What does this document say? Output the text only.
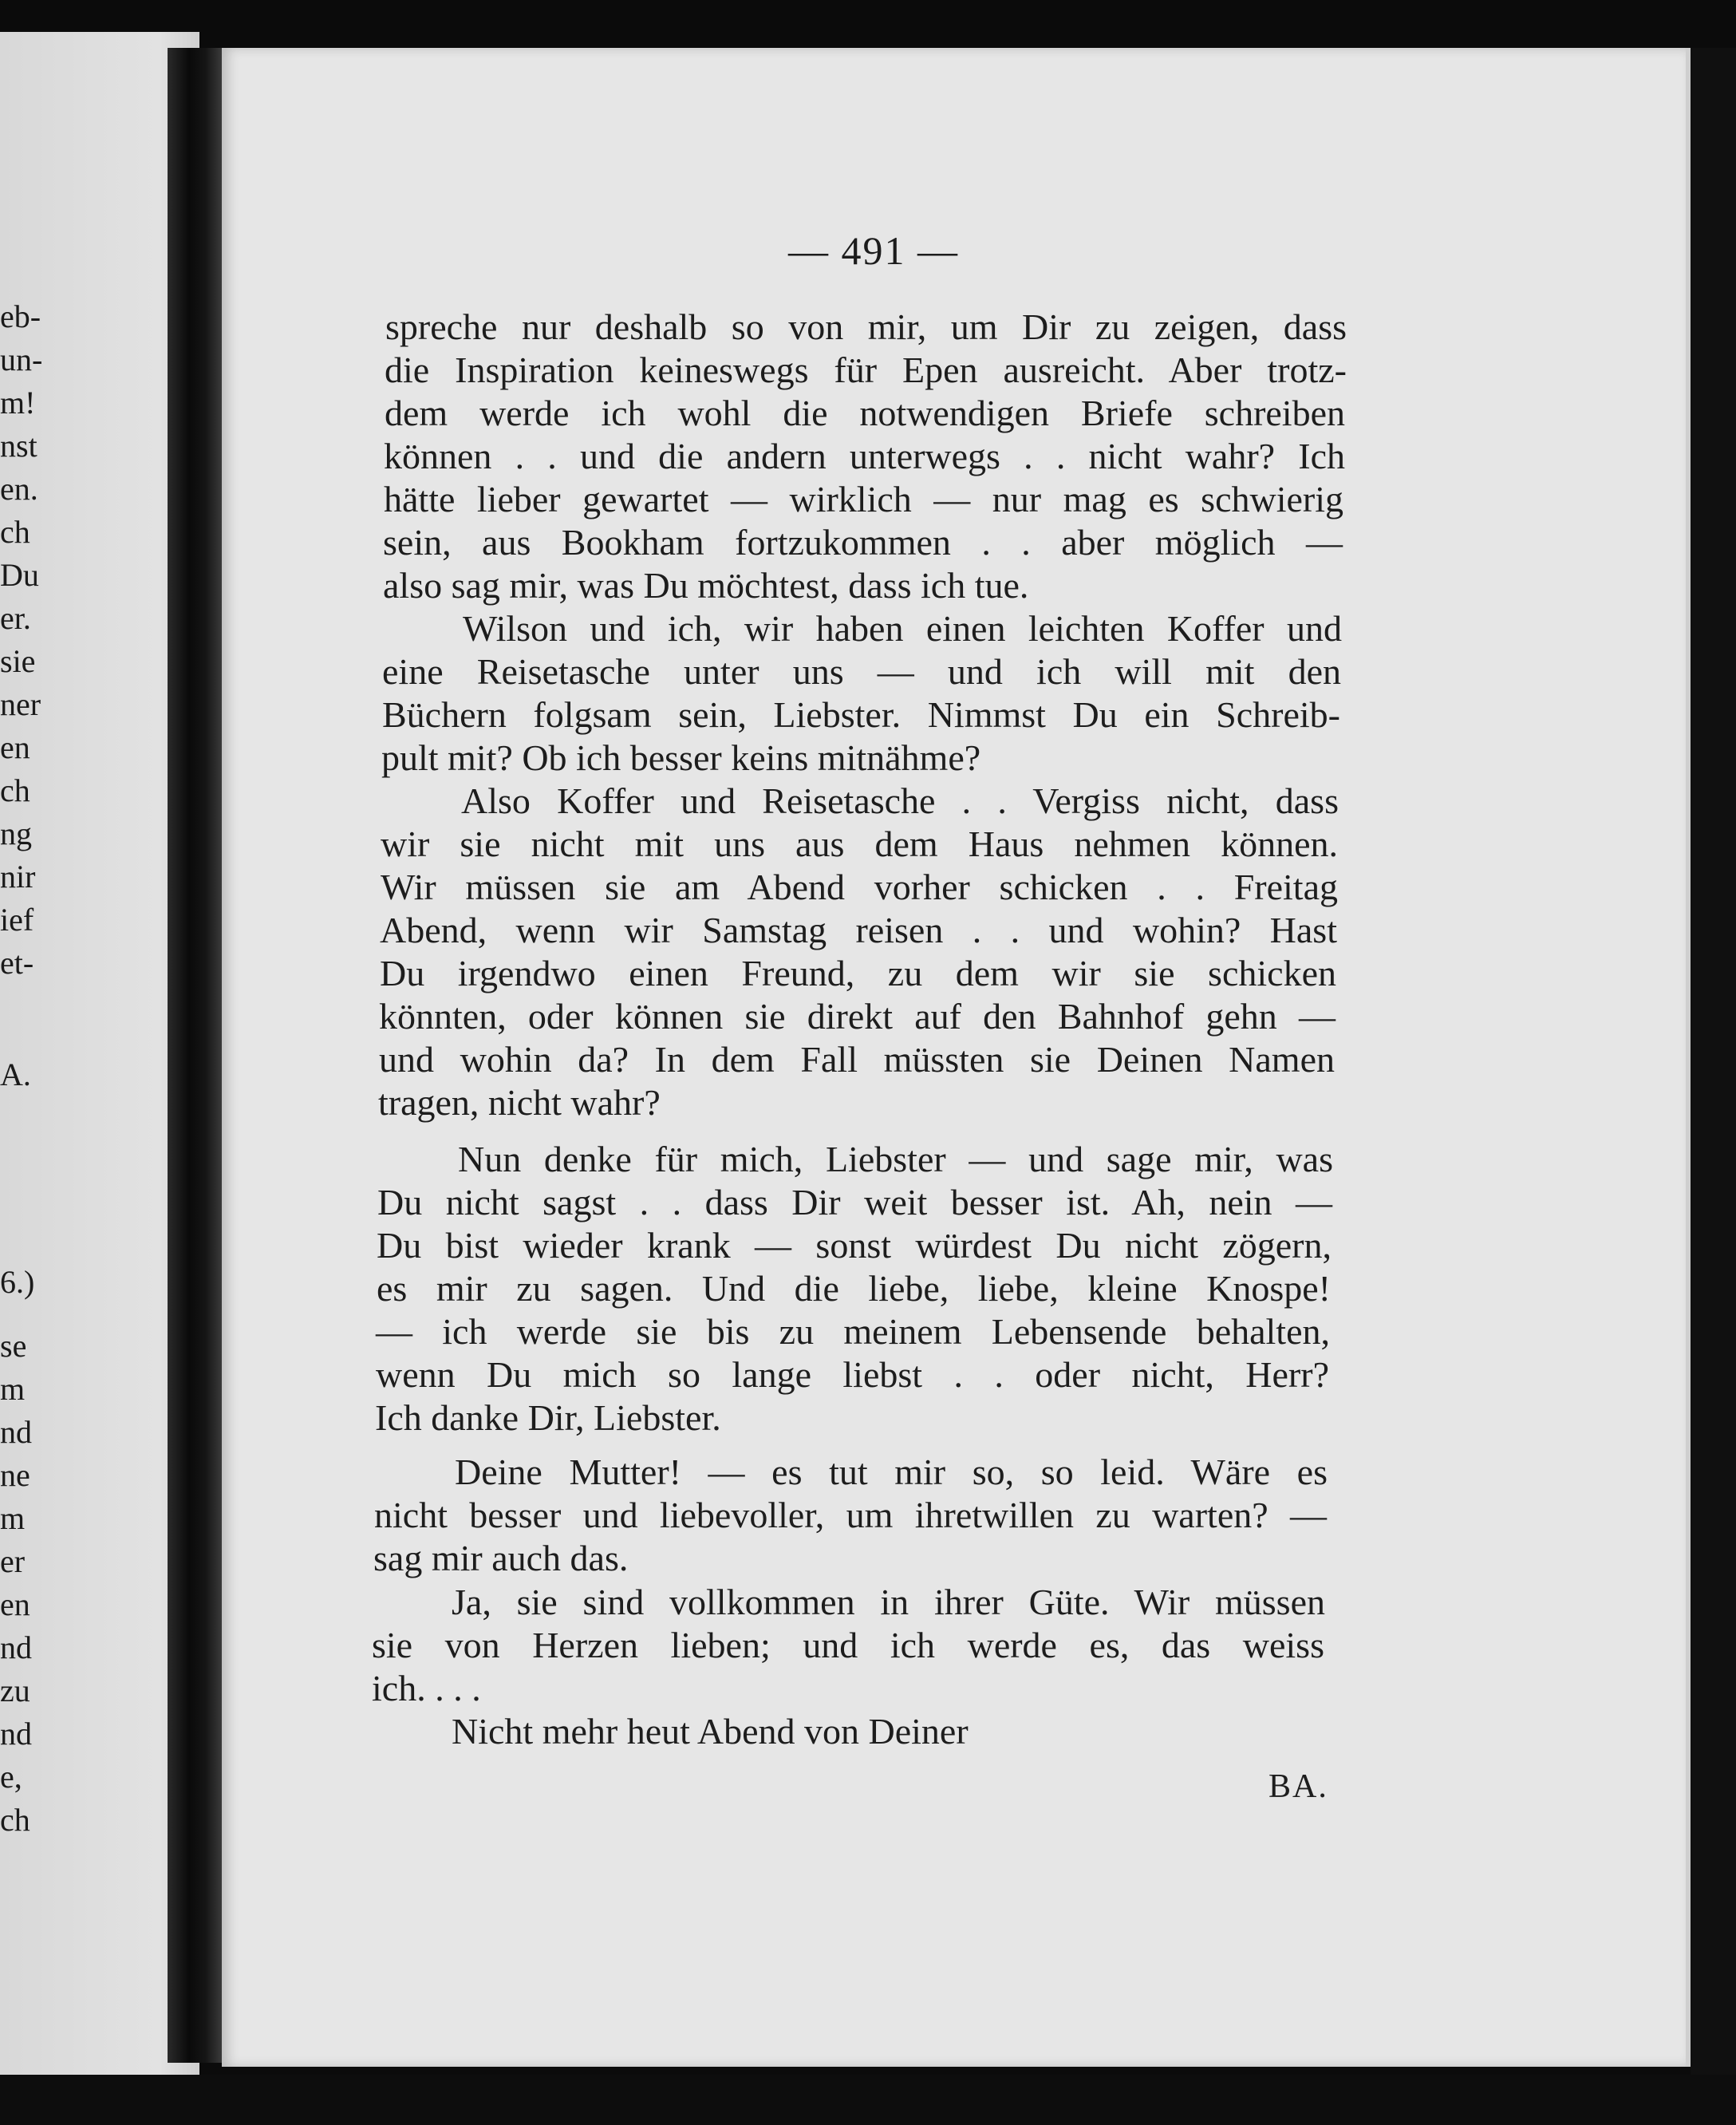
eb-
un-
m!
nst
en.
ch
Du
er.
sie
ner
en
ch
ng
nir
ief
et-
A.
6.)
se
m
nd
ne
m
er
en
nd
zu
nd
e,
ch
— 491 —
spreche nur deshalb so von mir, um Dir zu zeigen, dass
die Inspiration keineswegs für Epen ausreicht. Aber trotz-
dem werde ich wohl die notwendigen Briefe schreiben
können . . und die andern unterwegs . . nicht wahr? Ich
hätte lieber gewartet — wirklich — nur mag es schwierig
sein, aus Bookham fortzukommen . . aber möglich —
also sag mir, was Du möchtest, dass ich tue.
Wilson und ich, wir haben einen leichten Koffer und
eine Reisetasche unter uns — und ich will mit den
Büchern folgsam sein, Liebster. Nimmst Du ein Schreib-
pult mit? Ob ich besser keins mitnähme?
Also Koffer und Reisetasche . . Vergiss nicht, dass
wir sie nicht mit uns aus dem Haus nehmen können.
Wir müssen sie am Abend vorher schicken . . Freitag
Abend, wenn wir Samstag reisen . . und wohin? Hast
Du irgendwo einen Freund, zu dem wir sie schicken
könnten, oder können sie direkt auf den Bahnhof gehn —
und wohin da? In dem Fall müssten sie Deinen Namen
tragen, nicht wahr?
Nun denke für mich, Liebster — und sage mir, was
Du nicht sagst . . dass Dir weit besser ist. Ah, nein —
Du bist wieder krank — sonst würdest Du nicht zögern,
es mir zu sagen. Und die liebe, liebe, kleine Knospe!
— ich werde sie bis zu meinem Lebensende behalten,
wenn Du mich so lange liebst . . oder nicht, Herr?
Ich danke Dir, Liebster.
Deine Mutter! — es tut mir so, so leid. Wäre es
nicht besser und liebevoller, um ihretwillen zu warten? —
sag mir auch das.
Ja, sie sind vollkommen in ihrer Güte. Wir müssen
sie von Herzen lieben; und ich werde es, das weiss
ich. . . .
Nicht mehr heut Abend von Deiner
BA.
